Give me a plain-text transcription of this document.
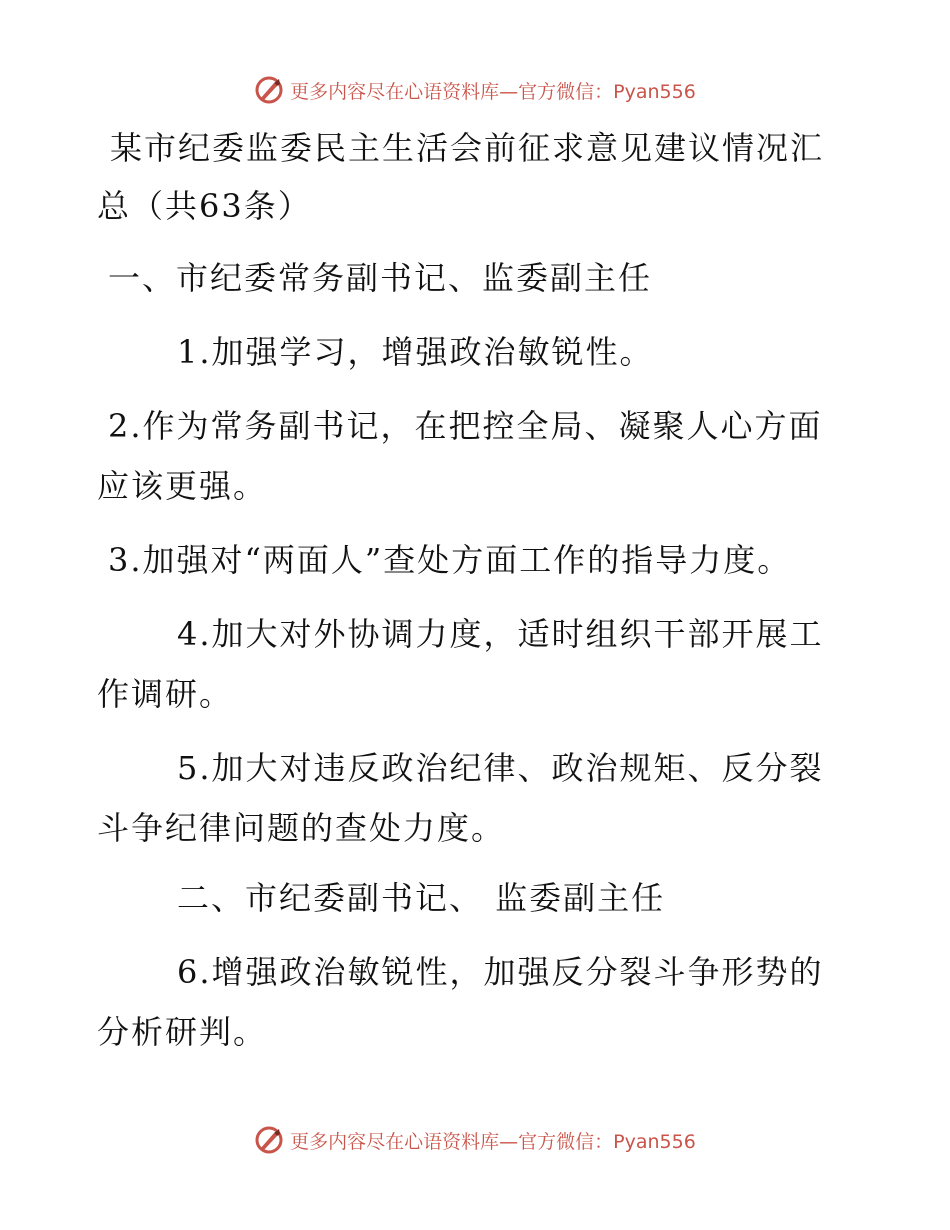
更多内容尽在心语资料库—官方微信：Pyan556
某市纪委监委民主生活会前征求意见建议情况汇
总（共63条）
一、市纪委常务副书记、监委副主任
1.加强学习，增强政治敏锐性。
2.作为常务副书记，在把控全局、凝聚人心方面
应该更强。
3.加强对“两面人”查处方面工作的指导力度。
4.加大对外协调力度，适时组织干部开展工
作调研。
5.加大对违反政治纪律、政治规矩、反分裂
斗争纪律问题的查处力度。
二、市纪委副书记、 监委副主任
6.增强政治敏锐性，加强反分裂斗争形势的
分析研判。
更多内容尽在心语资料库—官方微信：Pyan556
